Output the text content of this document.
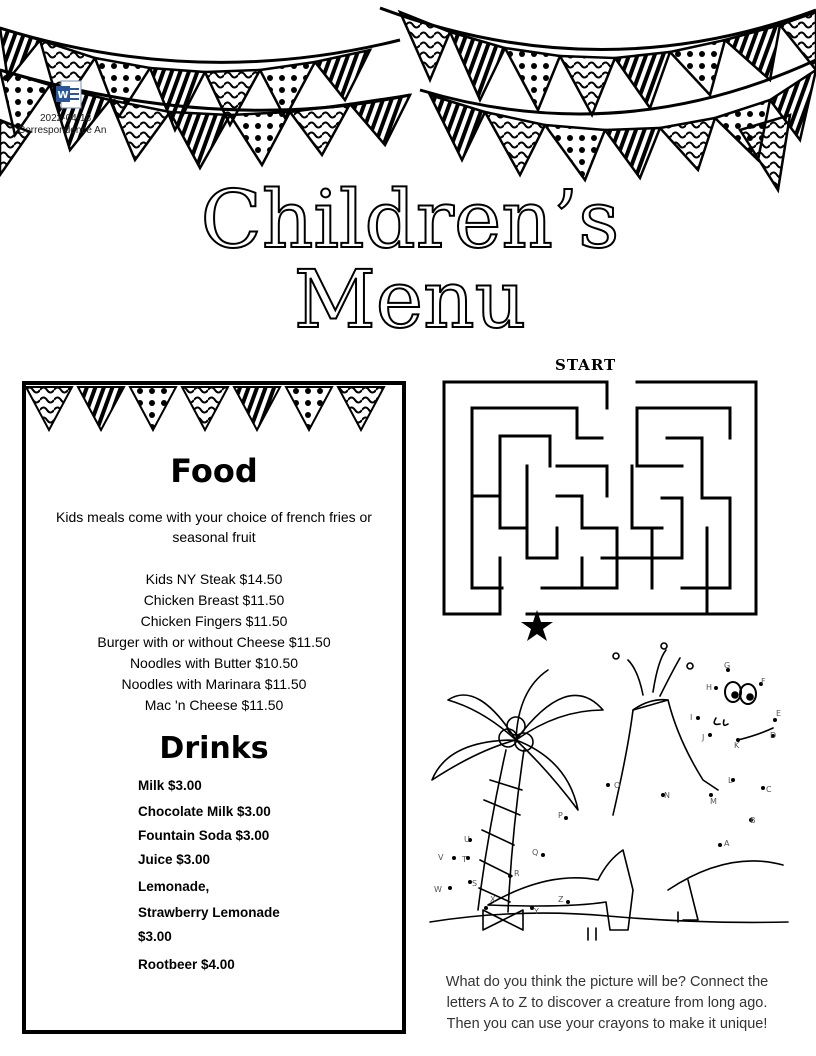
W
2022-04-18
Correspondence An
Children’s
Menu
Food
Kids meals come with your choice of french fries or seasonal fruit
Kids NY Steak $14.50
Chicken Breast $11.50
Chicken Fingers $11.50
Burger with or without Cheese $11.50
Noodles with Butter $10.50
Noodles with Marinara $11.50
Mac 'n Cheese $11.50
Drinks
Milk $3.00
Chocolate Milk $3.00
Fountain Soda $3.00
Juice $3.00
Lemonade,
Strawberry Lemonade
$3.00
Rootbeer $4.00
START
A
B
C
D
E
F
G
H
I
J
K
L
M
N
O
P
Q
R
S
T
U
V
W
X
Y
Z
What do you think the picture will be? Connect the
letters A to Z to discover a creature from long ago.
Then you can use your crayons to make it unique!
